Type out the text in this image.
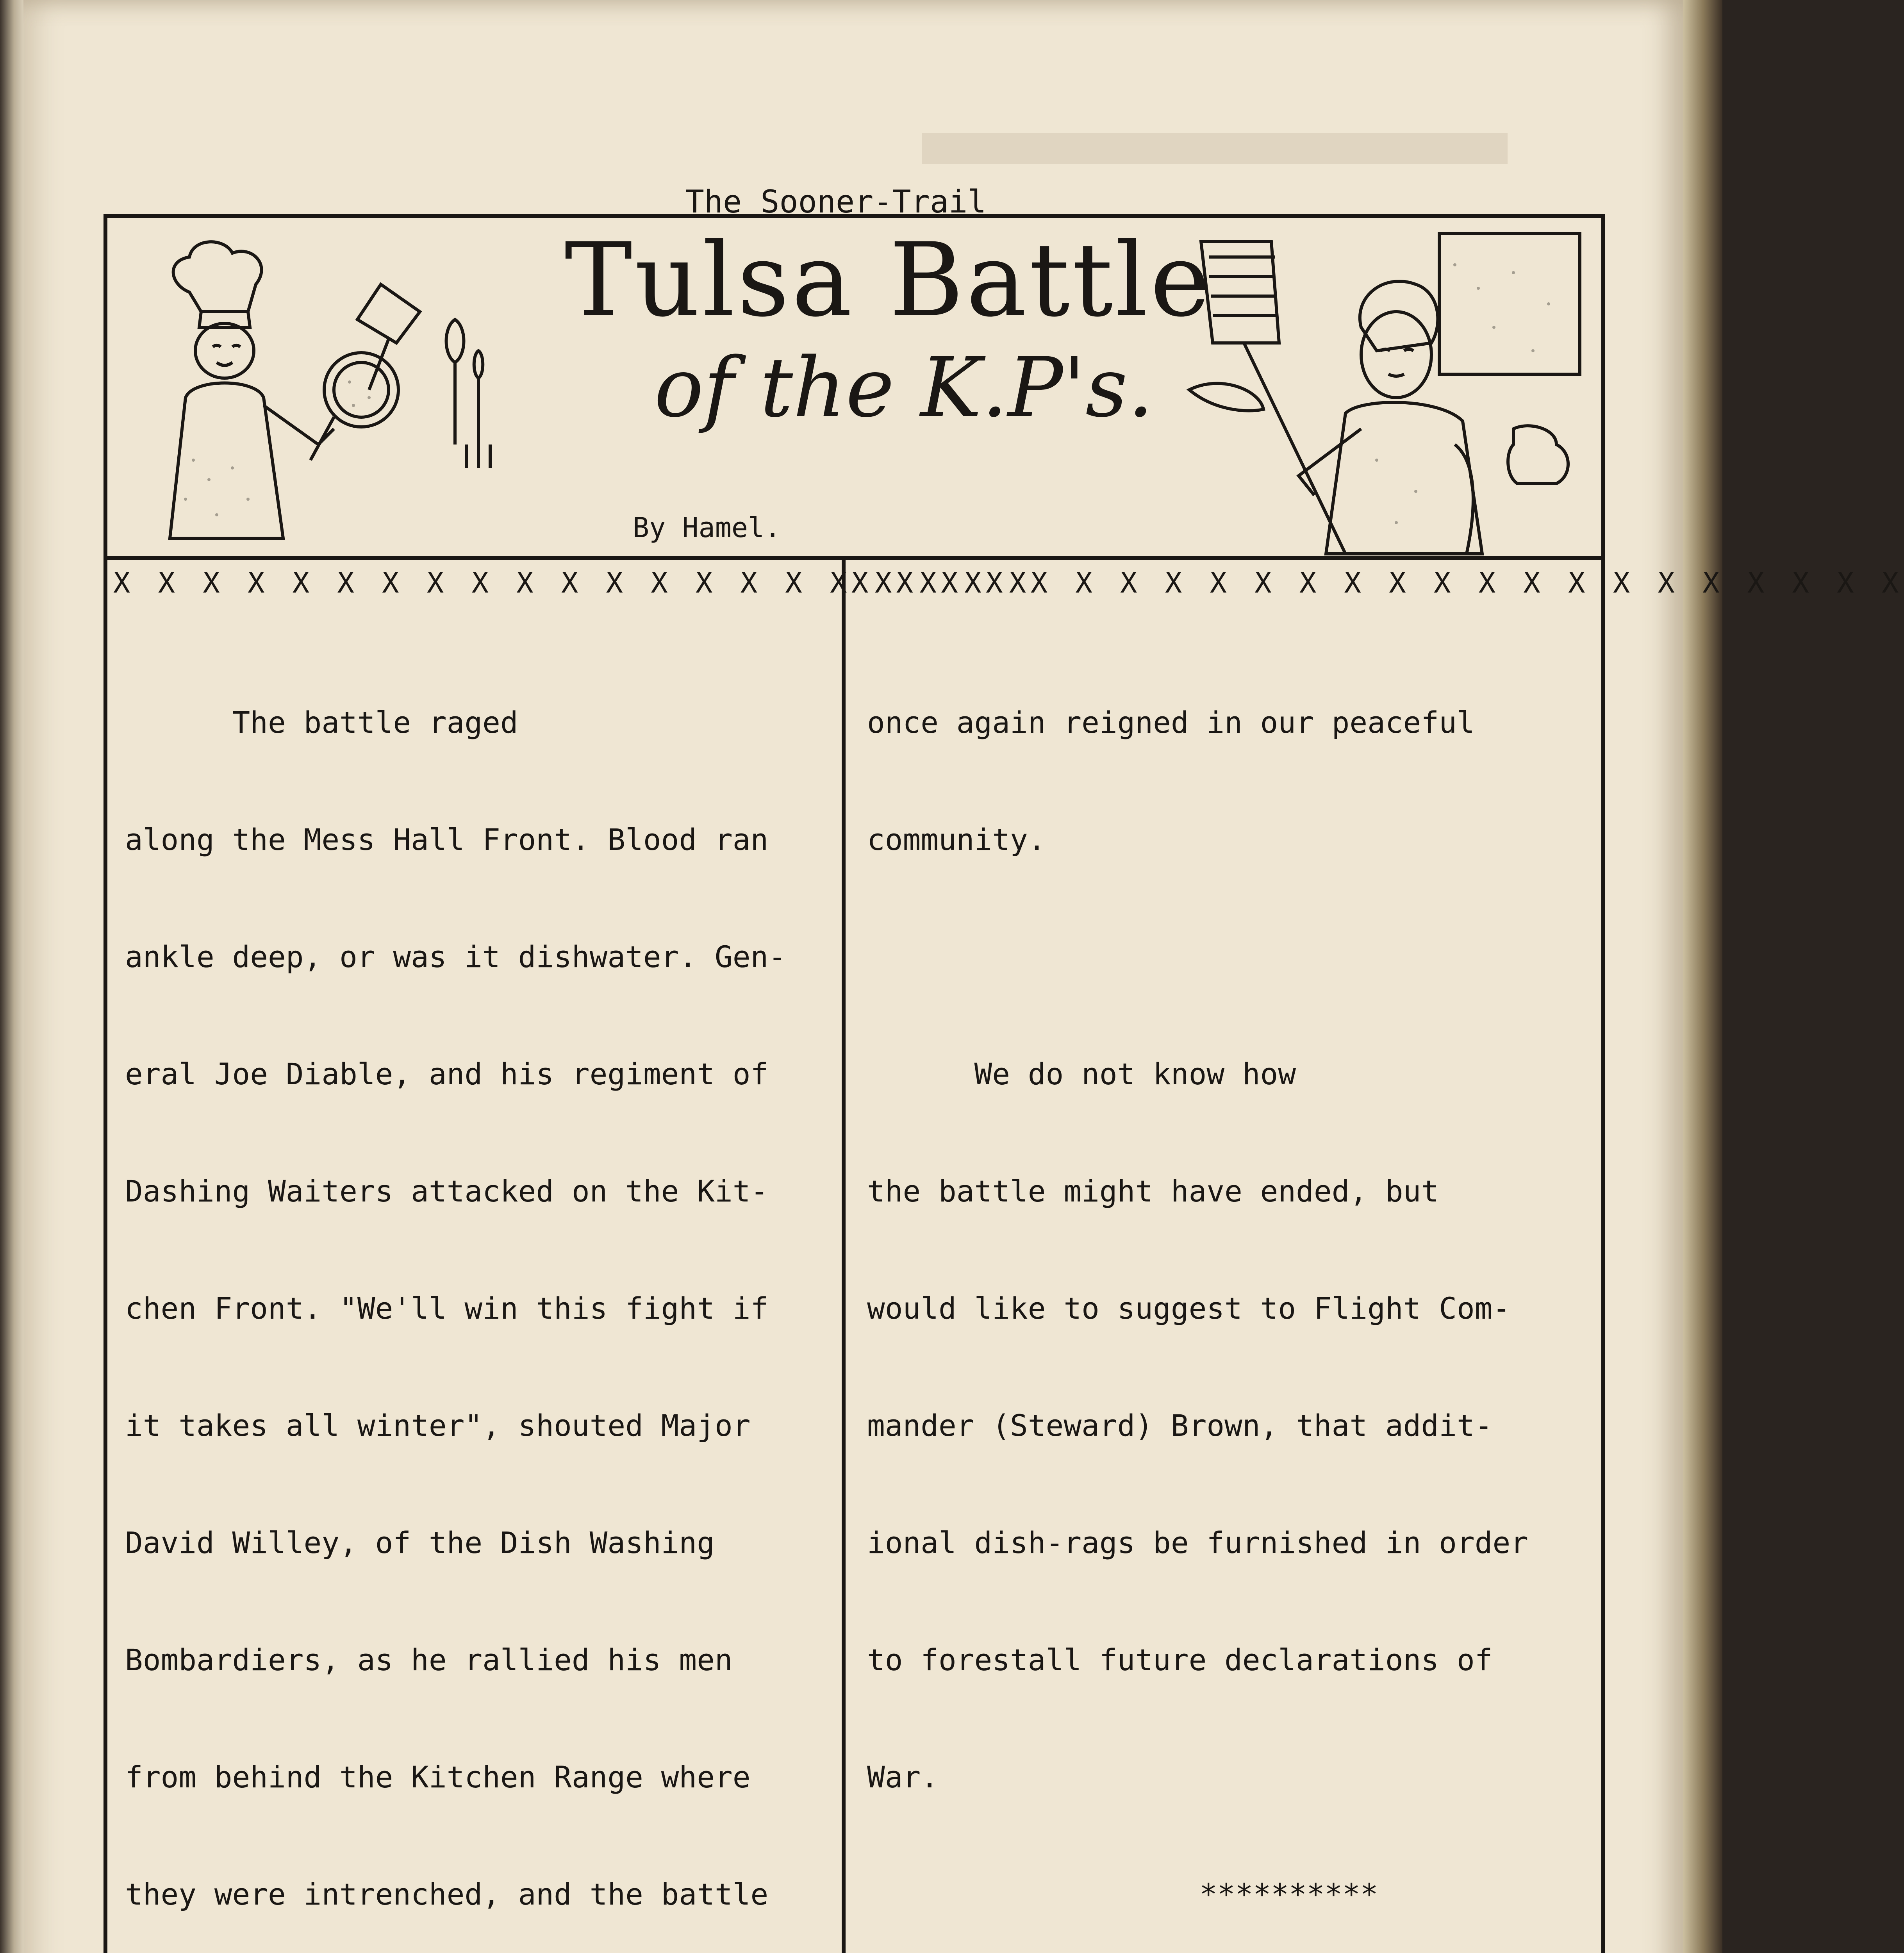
The Sooner-Trail
Tulsa Battle
of the K.P's.
By Hamel.
X X X X X X X X X X X X X X X X X X X X X
X X X X X X X X X X X X X X X X X X X X X X X X

The battle raged

along the Mess Hall Front. Blood ran

ankle deep, or was it dishwater. Gen-

eral Joe Diable, and his regiment of

Dashing Waiters attacked on the Kit-

chen Front. "We'll win this fight if

it takes all winter", shouted Major

David Willey, of the Dish Washing

Bombardiers, as he rallied his men

from behind the Kitchen Range where

they were intrenched, and the battle

once again reigned in our peaceful

community.

We do not know how

the battle might have ended, but

would like to suggest to Flight Com-

mander (Steward) Brown, that addit-

ional dish-rags be furnished in order

to forestall future declarations of

War.

**********
